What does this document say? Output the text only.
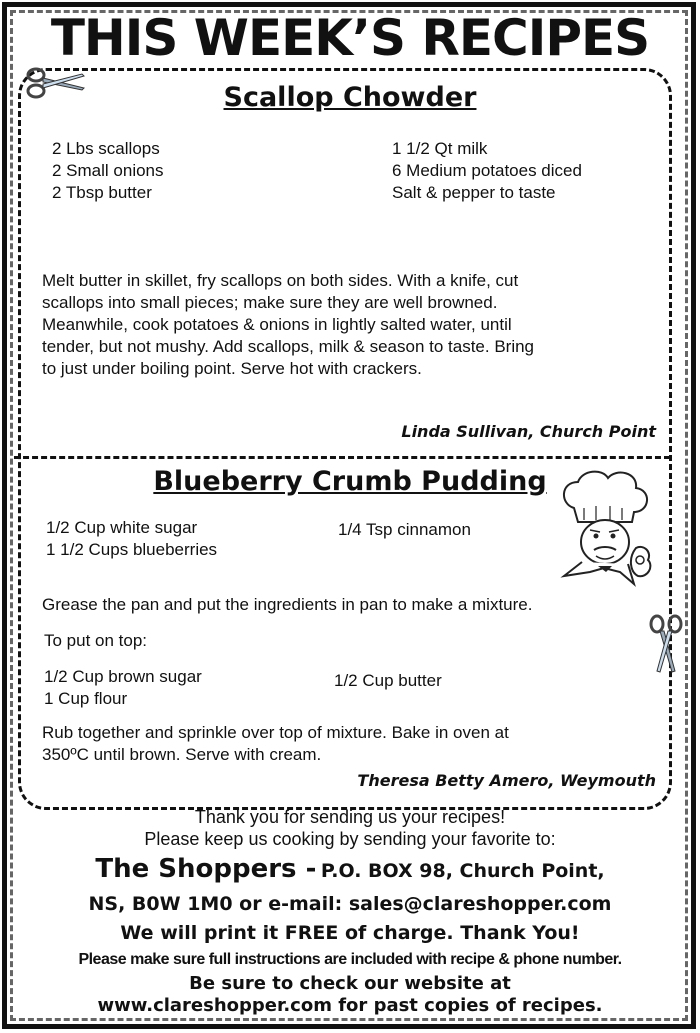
THIS WEEK’S RECIPES
Scallop Chowder
2 Lbs scallops
2 Small onions
2 Tbsp butter
1 1/2 Qt milk
6 Medium potatoes diced
Salt & pepper to taste
Melt butter in skillet, fry scallops on both sides. With a knife, cut
scallops into small pieces; make sure they are well browned.
Meanwhile, cook potatoes & onions in lightly salted water, until
tender, but not mushy. Add scallops, milk & season to taste. Bring
to just under boiling point. Serve hot with crackers.
Linda Sullivan, Church Point
Blueberry Crumb Pudding
1/2 Cup white sugar
1 1/2 Cups blueberries
1/4 Tsp cinnamon
Grease the pan and put the ingredients in pan to make a mixture.
To put on top:
1/2 Cup brown sugar
1 Cup flour
1/2 Cup butter
Rub together and sprinkle over top of mixture. Bake in oven at
350ºC until brown. Serve with cream.
Theresa Betty Amero, Weymouth
Thank you for sending us your recipes!
Please keep us cooking by sending your favorite to:
The Shoppers - P.O. BOX 98, Church Point,
NS, B0W 1M0 or e-mail: sales@clareshopper.com
We will print it FREE of charge. Thank You!
Please make sure full instructions are included with recipe & phone number.
Be sure to check our website at
www.clareshopper.com for past copies of recipes.
